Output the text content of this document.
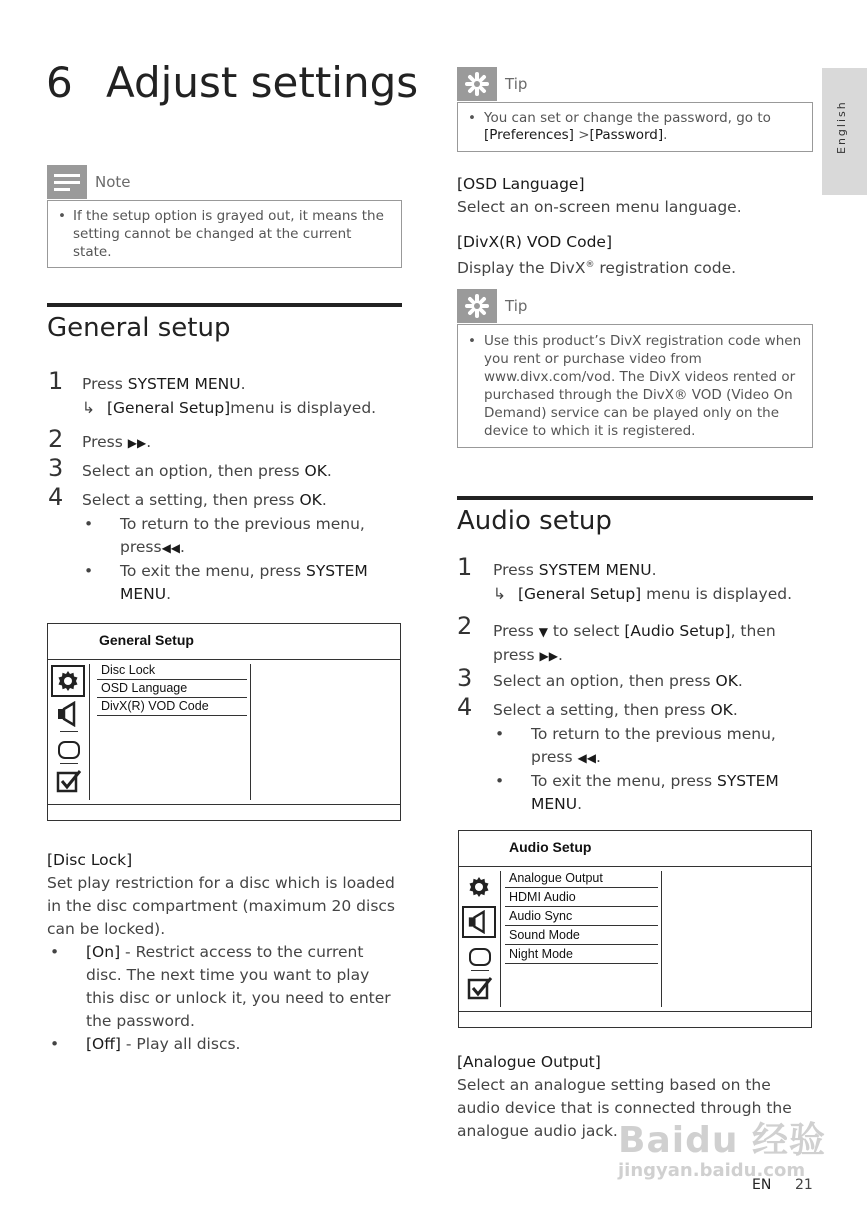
English
6 Adjust settings
Note
• If the setup option is grayed out, it means the setting cannot be changed at the current state.
General setup
1 Press SYSTEM MENU.
↳ [General Setup]menu is displayed.
2 Press ▶▶.
3 Select an option, then press OK.
4 Select a setting, then press OK.
•	To return to the previous menu, press◀◀.
•	To exit the menu, press SYSTEM MENU.
General Setup
Disc Lock
OSD Language
DivX(R) VOD Code
[Disc Lock]
Set play restriction for a disc which is loaded in the disc compartment (maximum 20 discs can be locked).
•	[On] - Restrict access to the current disc. The next time you want to play this disc or unlock it, you need to enter the password.
•	[Off] - Play all discs.
Tip
• You can set or change the password, go to [Preferences] >[Password].
[OSD Language]
Select an on-screen menu language.
[DivX(R) VOD Code]
Display the DivX® registration code.
Tip
• Use this product’s DivX registration code when you rent or purchase video from www.divx.com/vod. The DivX videos rented or purchased through the DivX® VOD (Video On Demand) service can be played only on the device to which it is registered.
Audio setup
1 Press SYSTEM MENU.
↳ [General Setup] menu is displayed.
2 Press ▼ to select [Audio Setup], then press ▶▶.
3 Select an option, then press OK.
4 Select a setting, then press OK.
•	To return to the previous menu, press ◀◀.
•	To exit the menu, press SYSTEM MENU.
Audio Setup
Analogue Output
HDMI Audio
Audio Sync
Sound Mode
Night Mode
[Analogue Output]
Select an analogue setting based on the audio device that is connected through the analogue audio jack. Baidu 经验
jingyan.baidu.com
EN 21
